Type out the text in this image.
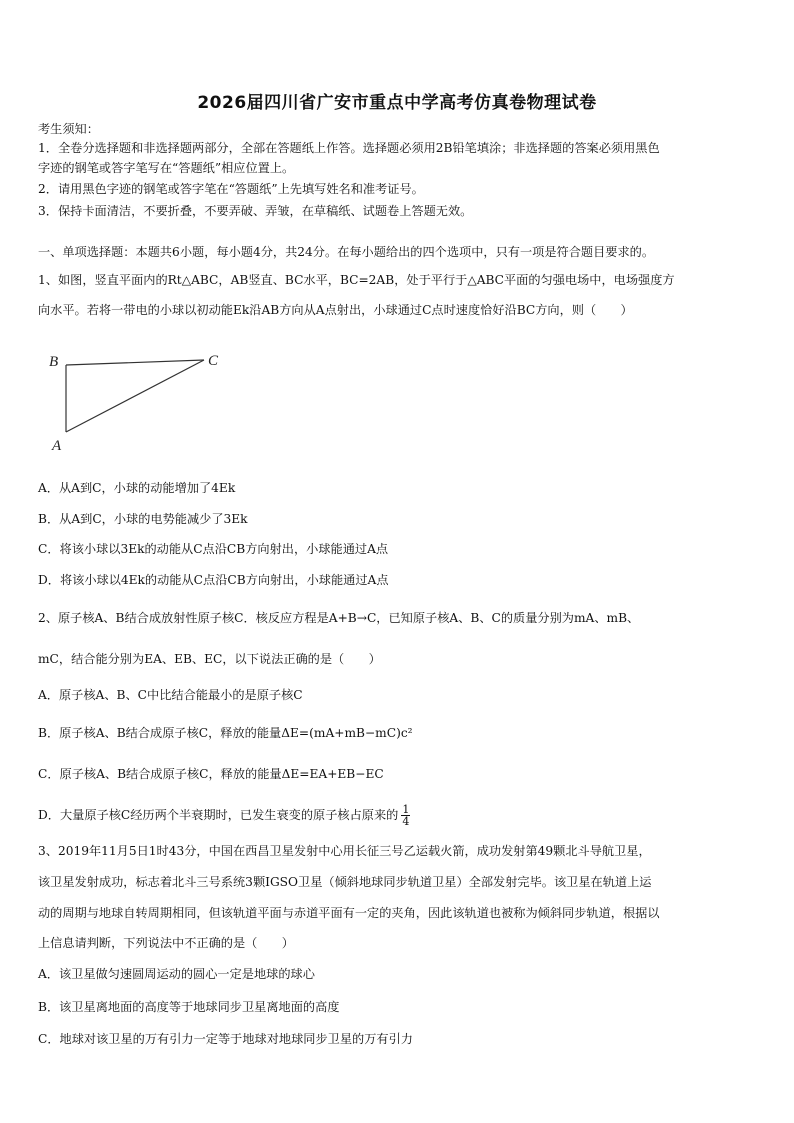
2026届四川省广安市重点中学高考仿真卷物理试卷
考生须知：
1．全卷分选择题和非选择题两部分，全部在答题纸上作答。选择题必须用2B铅笔填涂；非选择题的答案必须用黑色
字迹的钢笔或答字笔写在“答题纸”相应位置上。
2．请用黑色字迹的钢笔或答字笔在“答题纸”上先填写姓名和准考证号。
3．保持卡面清洁，不要折叠，不要弄破、弄皱，在草稿纸、试题卷上答题无效。
一、单项选择题：本题共6小题，每小题4分，共24分。在每小题给出的四个选项中，只有一项是符合题目要求的。
1、如图，竖直平面内的Rt△ABC，AB竖直、BC水平，BC=2AB，处于平行于△ABC平面的匀强电场中，电场强度方
向水平。若将一带电的小球以初动能Ek沿AB方向从A点射出，小球通过C点时速度恰好沿BC方向，则（　　）
B	C
A
A．从A到C，小球的动能增加了4Ek
B．从A到C，小球的电势能减少了3Ek
C．将该小球以3Ek的动能从C点沿CB方向射出，小球能通过A点
D．将该小球以4Ek的动能从C点沿CB方向射出，小球能通过A点
2、原子核A、B结合成放射性原子核C．核反应方程是A+B→C，已知原子核A、B、C的质量分别为mA、mB、
mC，结合能分别为EA、EB、EC，以下说法正确的是（　　）
A．原子核A、B、C中比结合能最小的是原子核C
B．原子核A、B结合成原子核C，释放的能量ΔE=(mA+mB−mC)c²
C．原子核A、B结合成原子核C，释放的能量ΔE=EA+EB−EC
D．大量原子核C经历两个半衰期时，已发生衰变的原子核占原来的 $\frac{1}{4}$
3、2019年11月5日1时43分，中国在西昌卫星发射中心用长征三号乙运载火箭，成功发射第49颗北斗导航卫星，
该卫星发射成功，标志着北斗三号系统3颗IGSO卫星（倾斜地球同步轨道卫星）全部发射完毕。该卫星在轨道上运
动的周期与地球自转周期相同，但该轨道平面与赤道平面有一定的夹角，因此该轨道也被称为倾斜同步轨道，根据以
上信息请判断，下列说法中不正确的是（　　）
A．该卫星做匀速圆周运动的圆心一定是地球的球心
B．该卫星离地面的高度等于地球同步卫星离地面的高度
C．地球对该卫星的万有引力一定等于地球对地球同步卫星的万有引力
